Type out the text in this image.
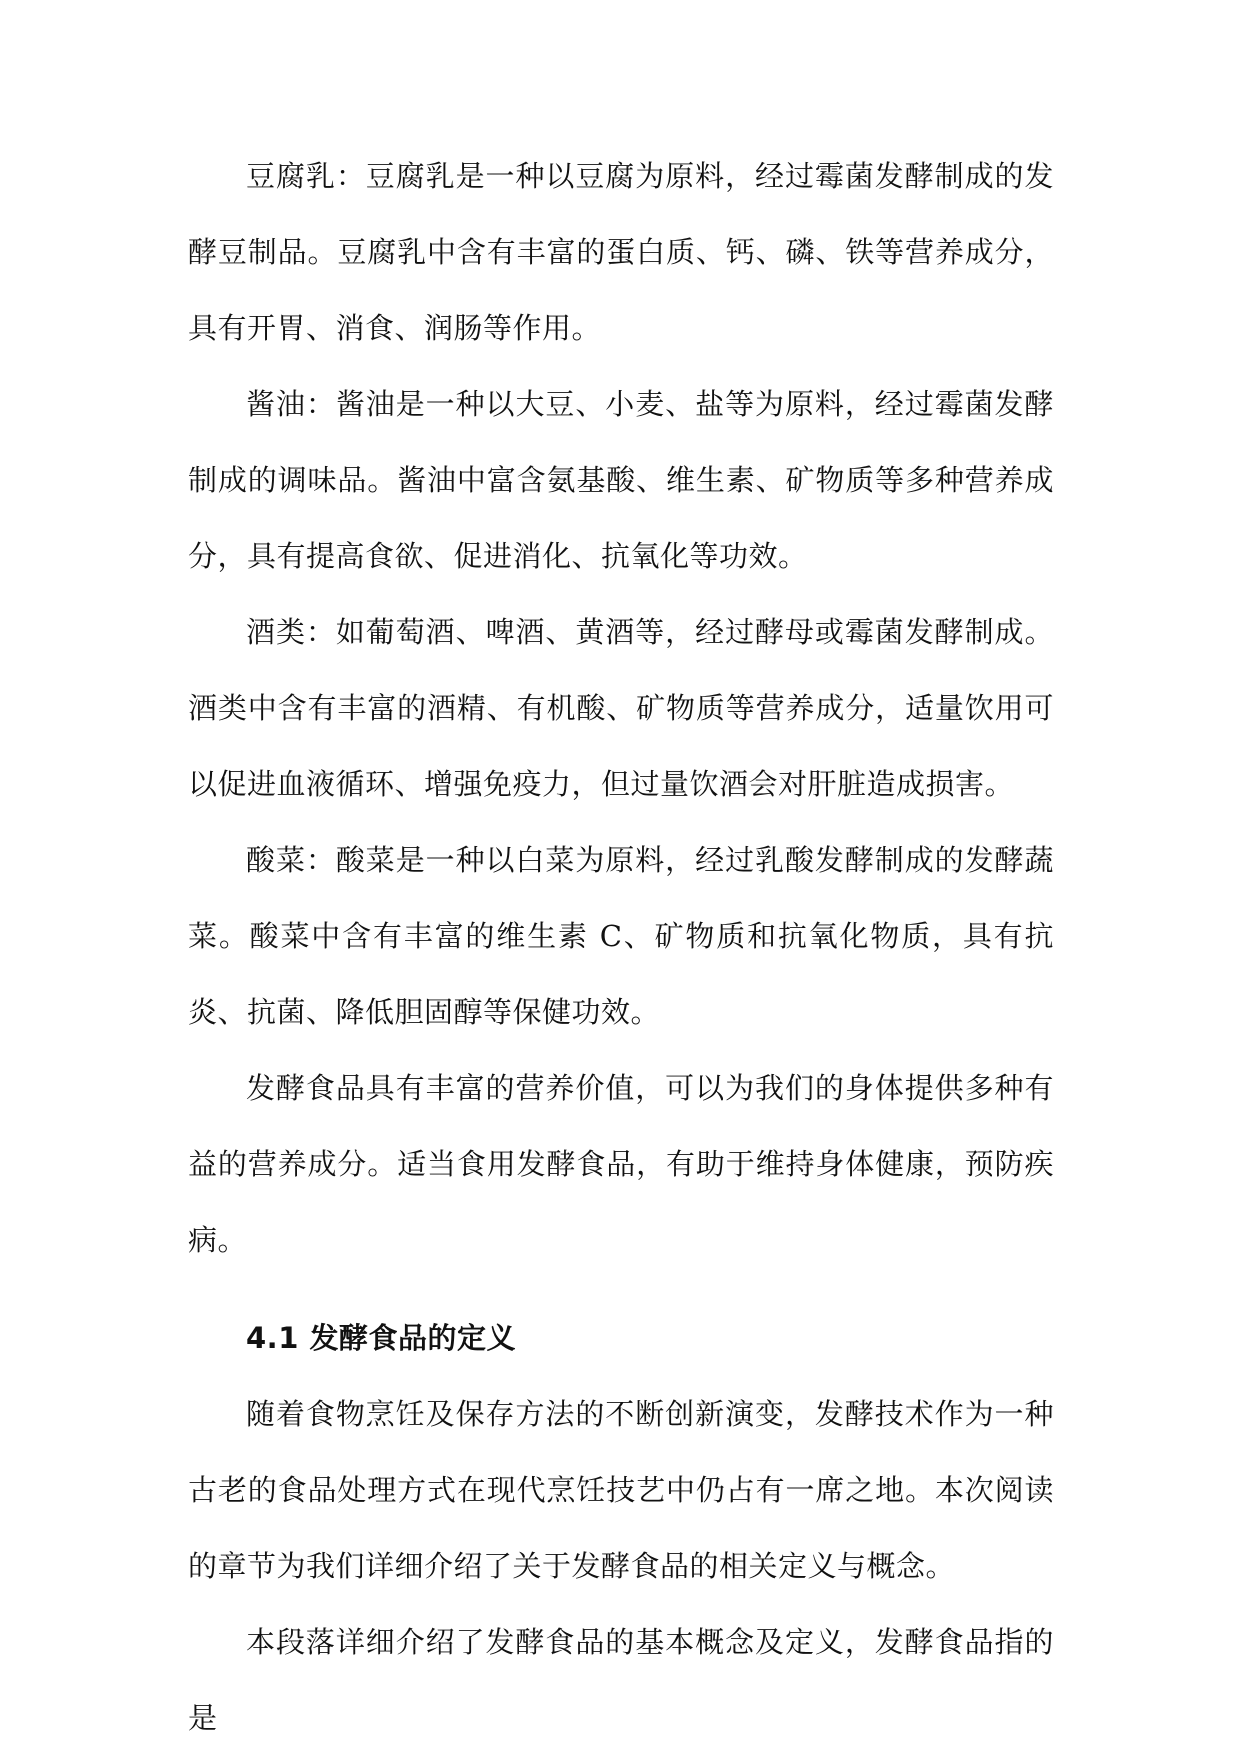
豆腐乳：豆腐乳是一种以豆腐为原料，经过霉菌发酵制成的发酵豆制品。豆腐乳中含有丰富的蛋白质、钙、磷、铁等营养成分，具有开胃、消食、润肠等作用。

酱油：酱油是一种以大豆、小麦、盐等为原料，经过霉菌发酵制成的调味品。酱油中富含氨基酸、维生素、矿物质等多种营养成分，具有提高食欲、促进消化、抗氧化等功效。

酒类：如葡萄酒、啤酒、黄酒等，经过酵母或霉菌发酵制成。酒类中含有丰富的酒精、有机酸、矿物质等营养成分，适量饮用可以促进血液循环、增强免疫力，但过量饮酒会对肝脏造成损害。

酸菜：酸菜是一种以白菜为原料，经过乳酸发酵制成的发酵蔬菜。酸菜中含有丰富的维生素 C、矿物质和抗氧化物质，具有抗炎、抗菌、降低胆固醇等保健功效。

发酵食品具有丰富的营养价值，可以为我们的身体提供多种有益的营养成分。适当食用发酵食品，有助于维持身体健康，预防疾病。

4.1 发酵食品的定义

随着食物烹饪及保存方法的不断创新演变，发酵技术作为一种古老的食品处理方式在现代烹饪技艺中仍占有一席之地。本次阅读的章节为我们详细介绍了关于发酵食品的相关定义与概念。

本段落详细介绍了发酵食品的基本概念及定义，发酵食品指的是
